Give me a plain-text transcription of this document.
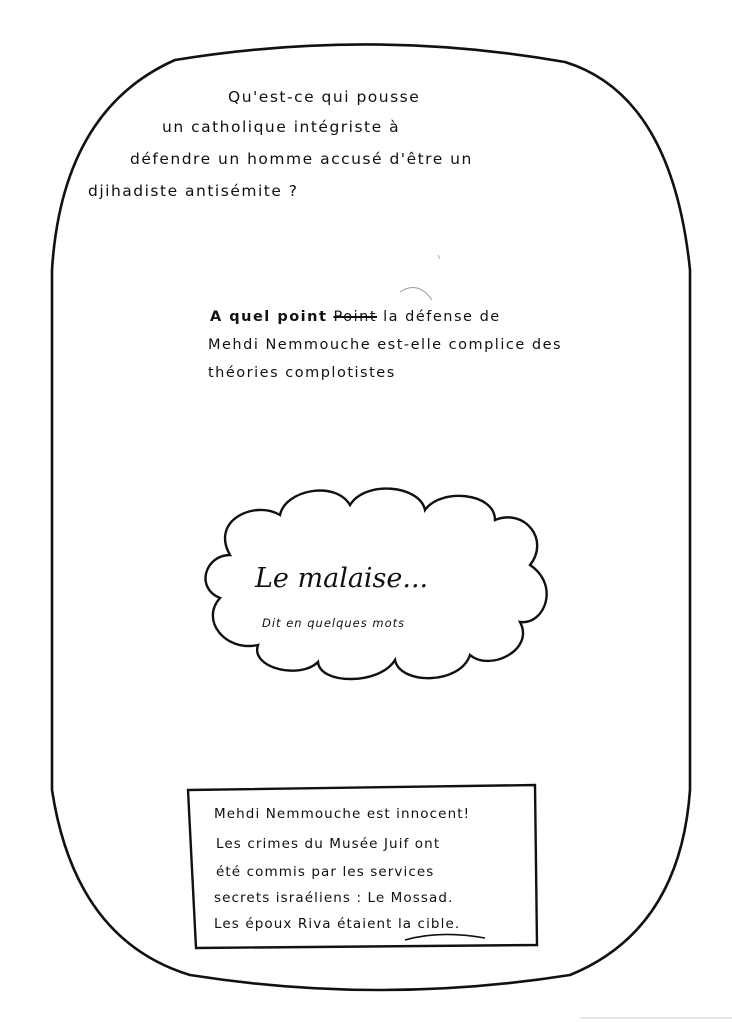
Qu'est-ce qui pousse
un catholique intégriste à
défendre un homme accusé d'être un
djihadiste antisémite ?
A quel point Point la défense de
Mehdi Nemmouche est-elle complice des
théories complotistes
Le malaise...
Dit en quelques mots
Mehdi Nemmouche est innocent!
Les crimes du Musée Juif ont
été commis par les services
secrets israéliens : Le Mossad.
Les époux Riva étaient la cible.
